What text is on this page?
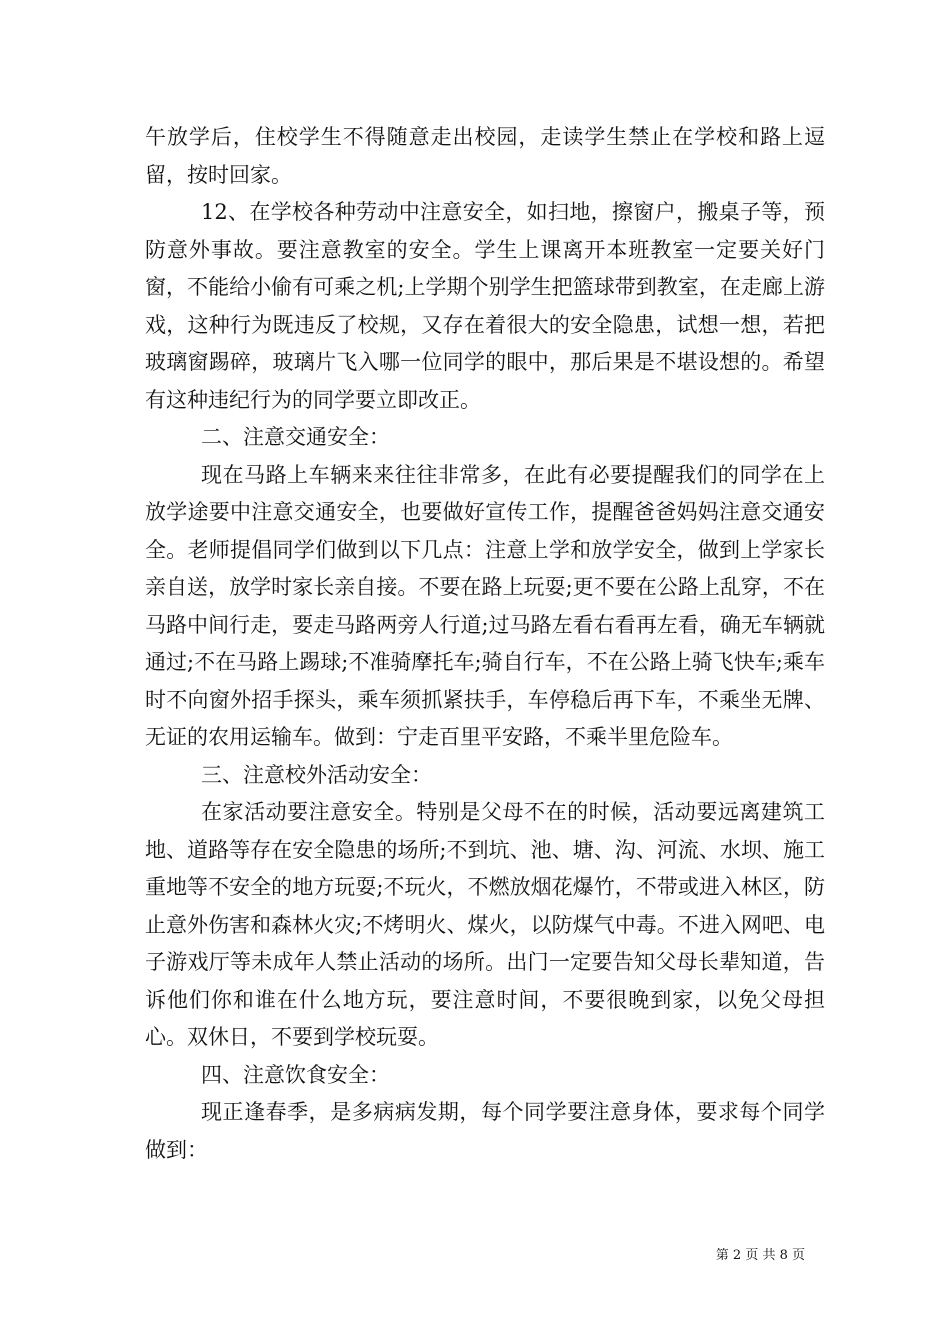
午放学后，住校学生不得随意走出校园，走读学生禁止在学校和路上逗留，按时回家。

12、在学校各种劳动中注意安全，如扫地，擦窗户，搬桌子等，预防意外事故。要注意教室的安全。学生上课离开本班教室一定要关好门窗，不能给小偷有可乘之机;上学期个别学生把篮球带到教室，在走廊上游戏，这种行为既违反了校规，又存在着很大的安全隐患，试想一想，若把玻璃窗踢碎，玻璃片飞入哪一位同学的眼中，那后果是不堪设想的。希望有这种违纪行为的同学要立即改正。

二、注意交通安全：

现在马路上车辆来来往往非常多，在此有必要提醒我们的同学在上放学途要中注意交通安全，也要做好宣传工作，提醒爸爸妈妈注意交通安全。老师提倡同学们做到以下几点：注意上学和放学安全，做到上学家长亲自送，放学时家长亲自接。不要在路上玩耍;更不要在公路上乱穿，不在马路中间行走，要走马路两旁人行道;过马路左看右看再左看，确无车辆就通过;不在马路上踢球;不准骑摩托车;骑自行车，不在公路上骑飞快车;乘车时不向窗外招手探头，乘车须抓紧扶手，车停稳后再下车，不乘坐无牌、无证的农用运输车。做到：宁走百里平安路，不乘半里危险车。

三、注意校外活动安全：

在家活动要注意安全。特别是父母不在的时候，活动要远离建筑工地、道路等存在安全隐患的场所;不到坑、池、塘、沟、河流、水坝、施工重地等不安全的地方玩耍;不玩火，不燃放烟花爆竹，不带或进入林区，防止意外伤害和森林火灾;不烤明火、煤火，以防煤气中毒。不进入网吧、电子游戏厅等未成年人禁止活动的场所。出门一定要告知父母长辈知道，告诉他们你和谁在什么地方玩，要注意时间，不要很晚到家，以免父母担心。双休日，不要到学校玩耍。

四、注意饮食安全：

现正逢春季，是多病病发期，每个同学要注意身体，要求每个同学做到：

第 2 页 共 8 页
